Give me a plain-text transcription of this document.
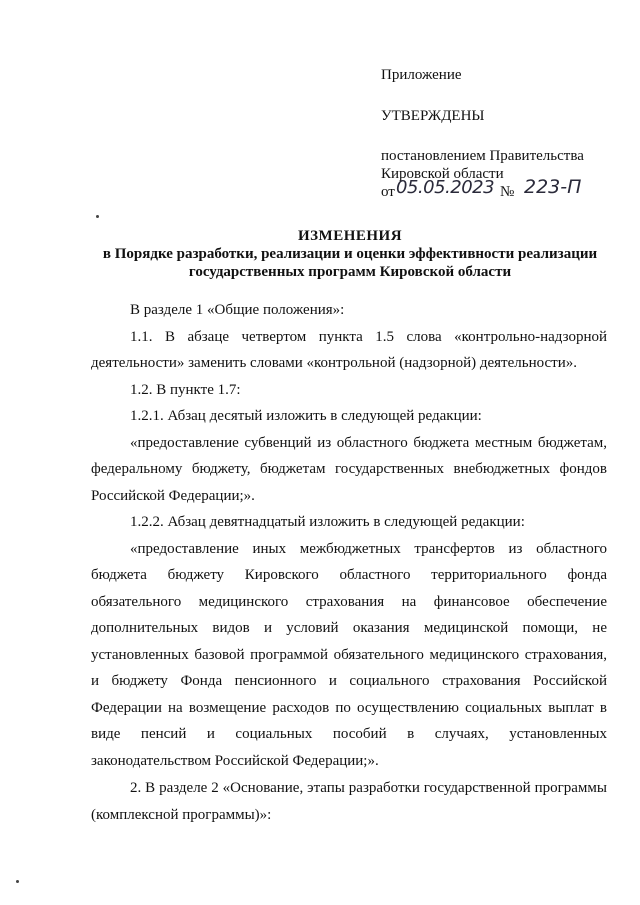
Приложение
УТВЕРЖДЕНЫ
постановлением Правительства
Кировской области
от 05.05.2023 № 223-П
ИЗМЕНЕНИЯ
в Порядке разработки, реализации и оценки эффективности реализации
государственных программ Кировской области

В разделе 1 «Общие положения»:

1.1. В абзаце четвертом пункта 1.5 слова «контрольно-надзорной деятельности» заменить словами «контрольной (надзорной) деятельности».

1.2. В пункте 1.7:

1.2.1. Абзац десятый изложить в следующей редакции:

«предоставление субвенций из областного бюджета местным бюджетам, федеральному бюджету, бюджетам государственных внебюджетных фондов Российской Федерации;».

1.2.2. Абзац девятнадцатый изложить в следующей редакции:

«предоставление иных межбюджетных трансфертов из областного бюджета бюджету Кировского областного территориального фонда обязательного медицинского страхования на финансовое обеспечение дополнительных видов и условий оказания медицинской помощи, не установленных базовой программой обязательного медицинского страхования, и бюджету Фонда пенсионного и социального страхования Российской Федерации на возмещение расходов по осуществлению социальных выплат в виде пенсий и социальных пособий в случаях, установленных законодательством Российской Федерации;».

2. В разделе 2 «Основание, этапы разработки государственной программы (комплексной программы)»:
